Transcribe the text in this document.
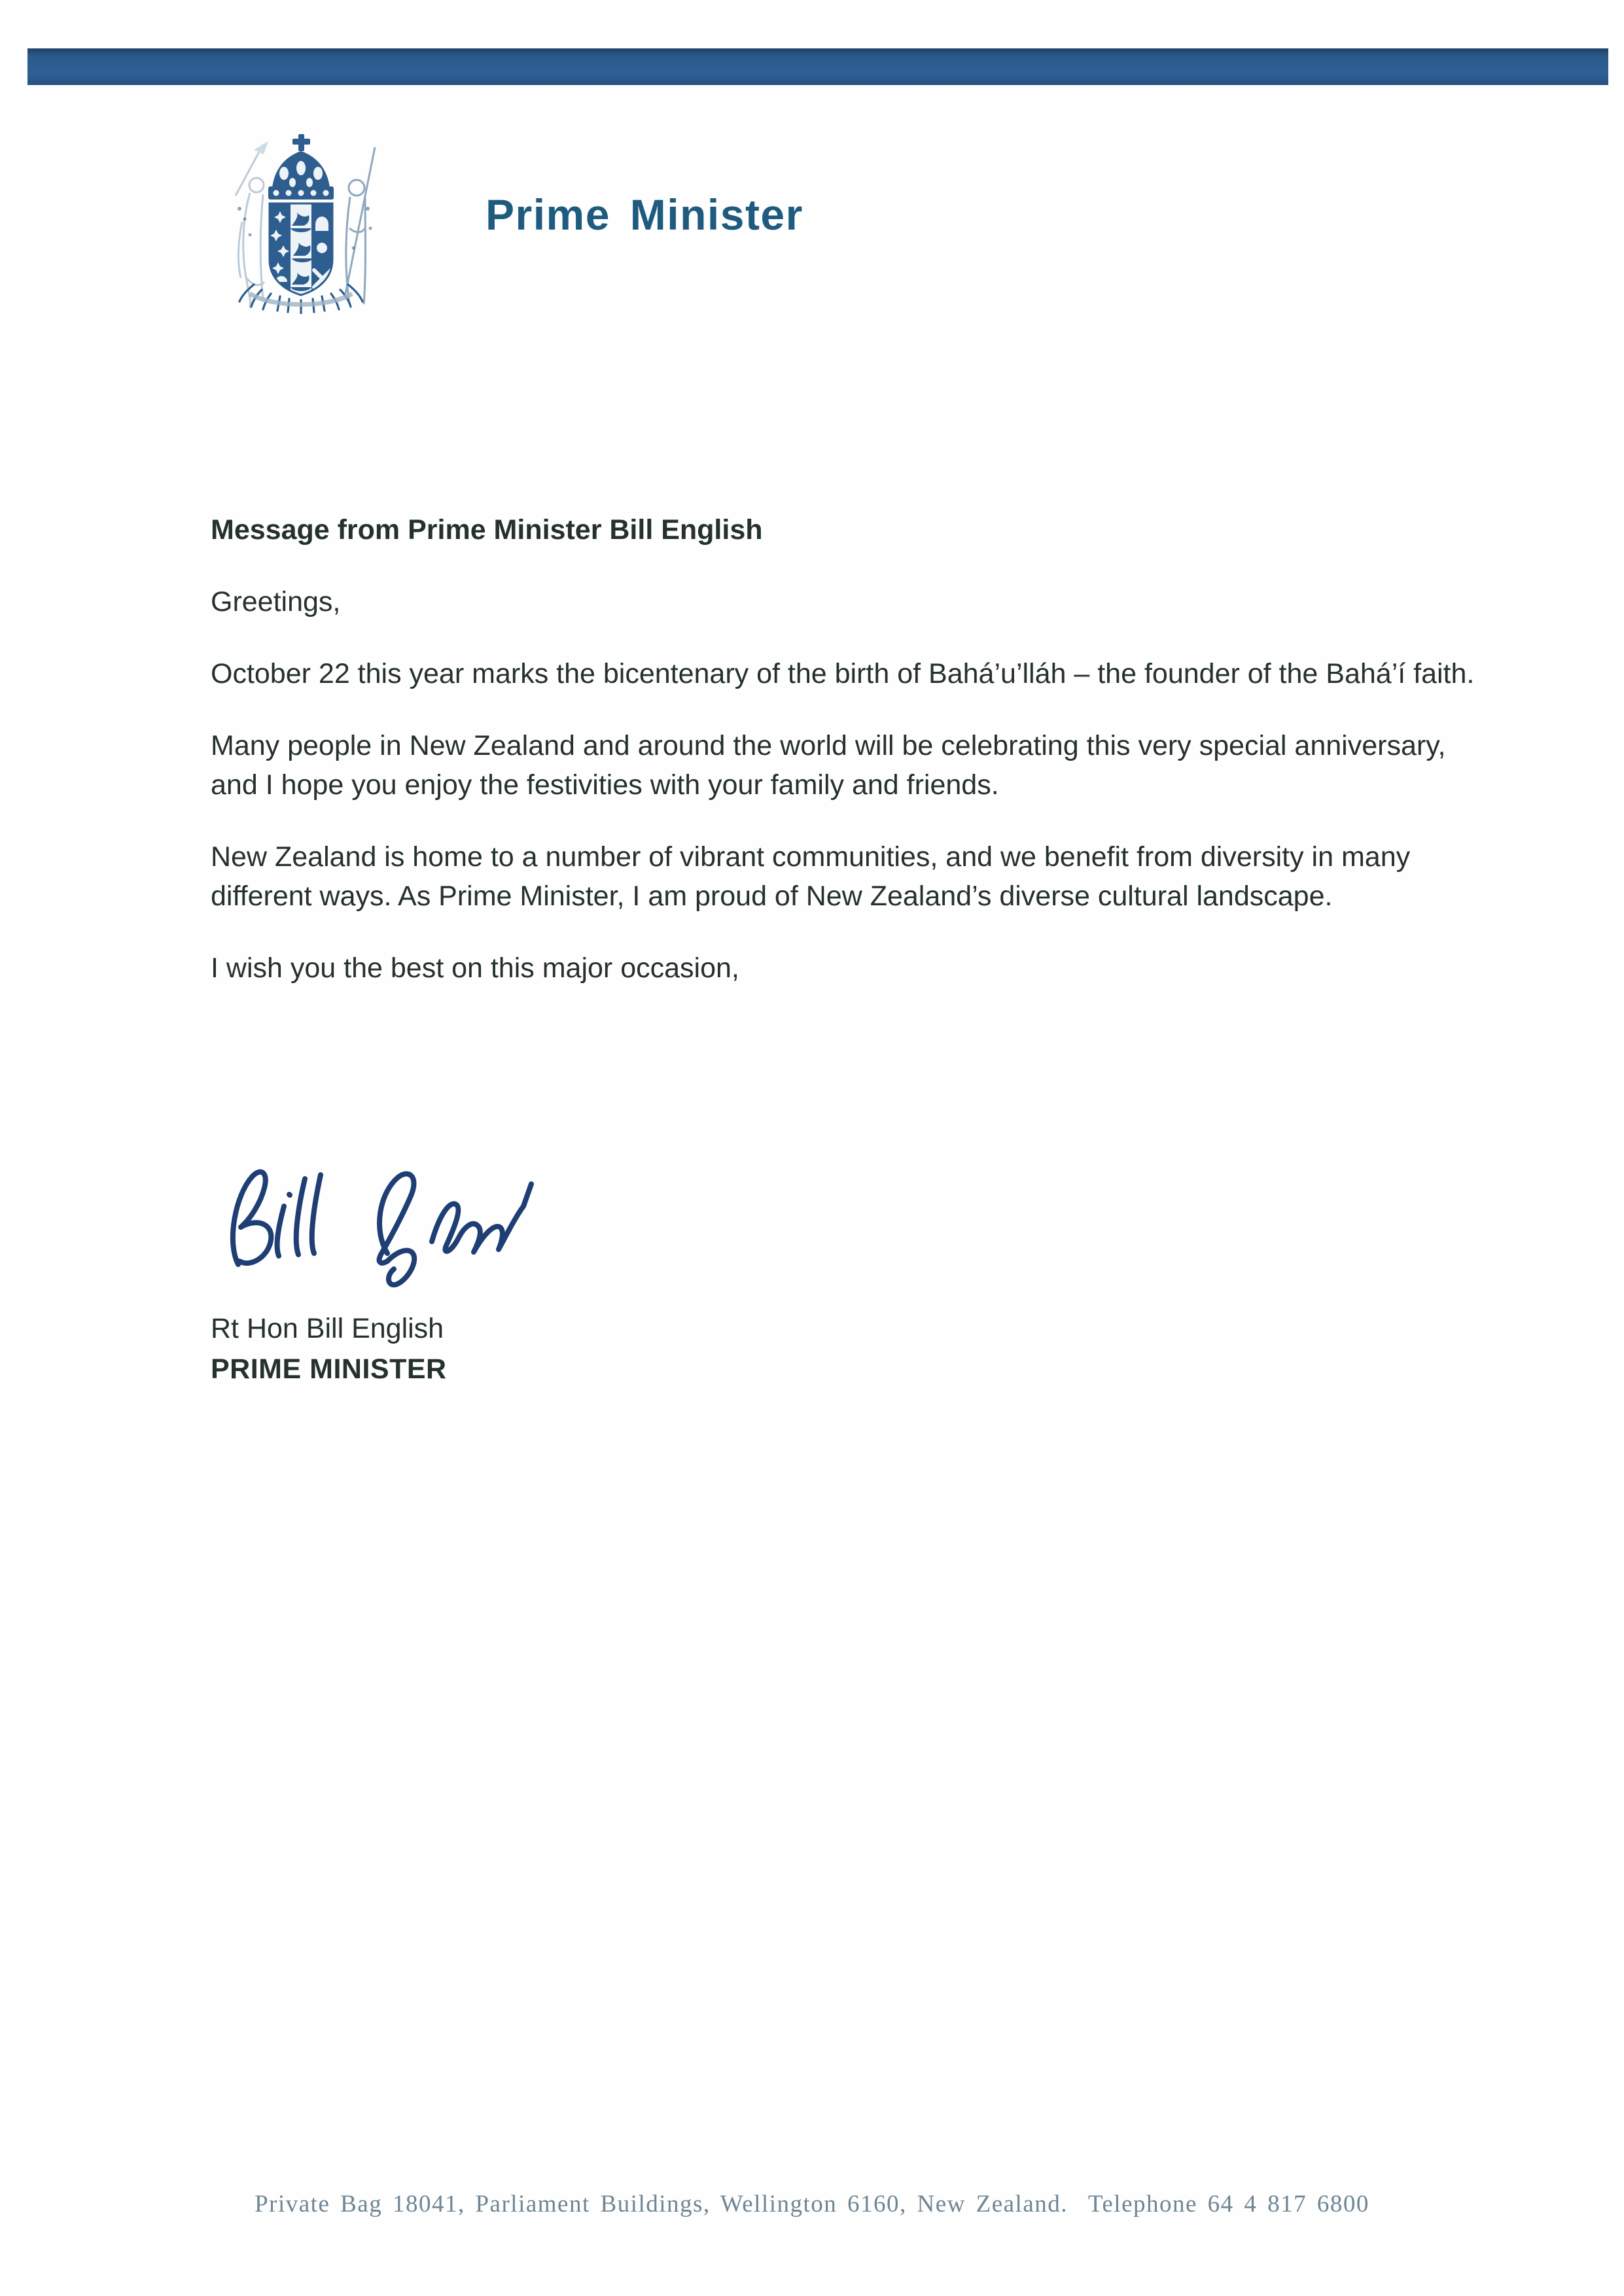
Prime Minister

Message from Prime Minister Bill English

Greetings,

October 22 this year marks the bicentenary of the birth of Bahá’u’lláh – the founder of the Bahá’í faith.

Many people in New Zealand and around the world will be celebrating this very special anniversary, and I hope you enjoy the festivities with your family and friends.

New Zealand is home to a number of vibrant communities, and we benefit from diversity in many different ways. As Prime Minister, I am proud of New Zealand’s diverse cultural landscape.

I wish you the best on this major occasion,

Rt Hon Bill English
PRIME MINISTER
Private Bag 18041, Parliament Buildings, Wellington 6160, New Zealand.  Telephone 64 4 817 6800
